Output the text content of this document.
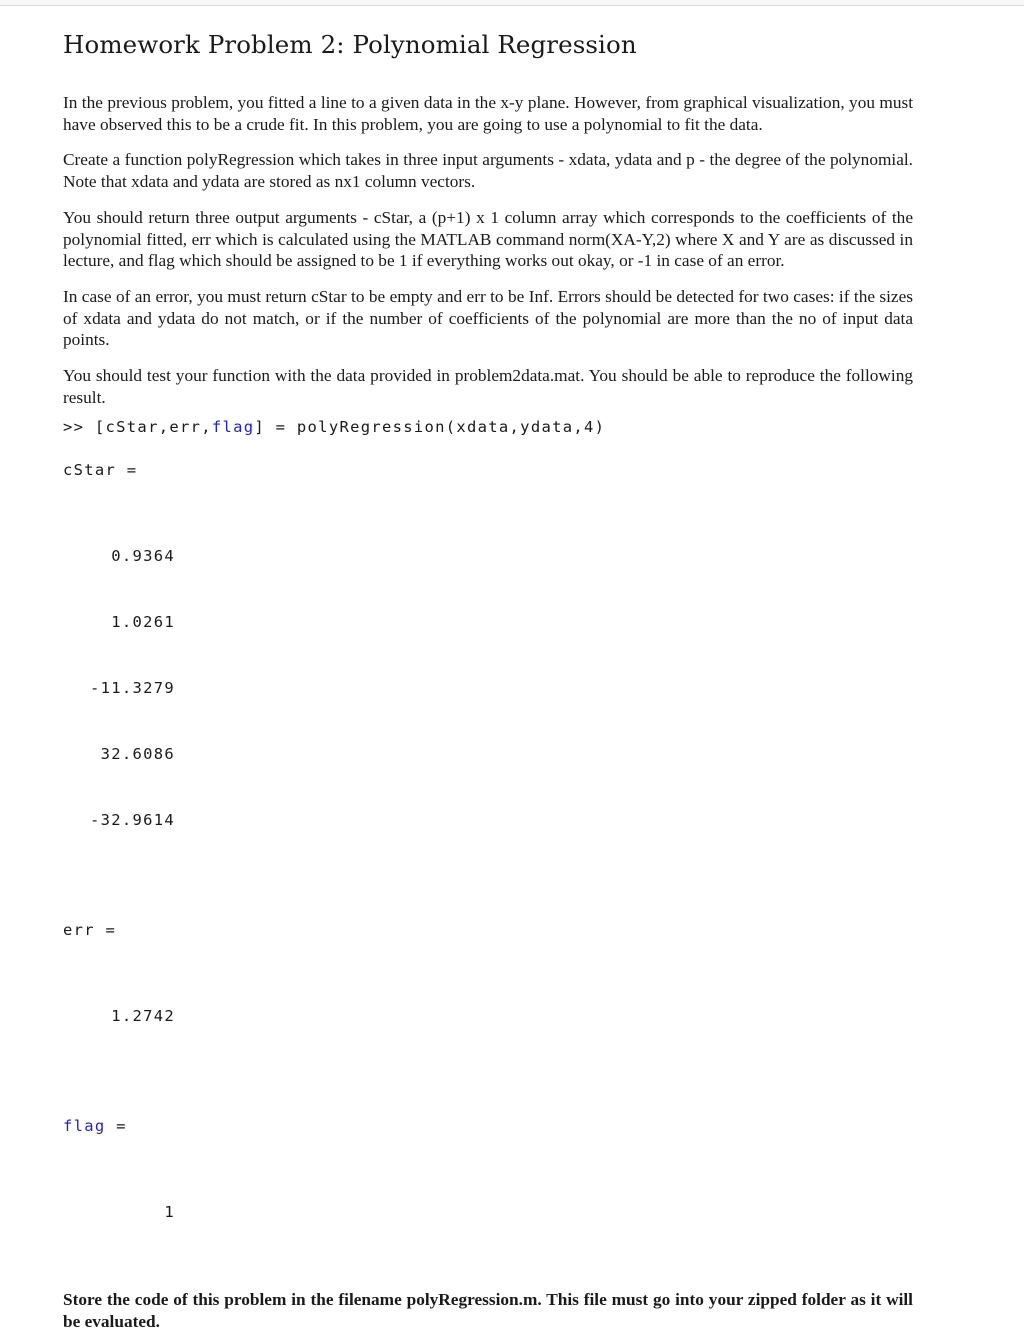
Homework Problem 2: Polynomial Regression

In the previous problem, you fitted a line to a given data in the x-y plane. However, from graphical visualization, you must have observed this to be a crude fit. In this problem, you are going to use a polynomial to fit the data.

Create a function polyRegression which takes in three input arguments - xdata, ydata and p - the degree of the polynomial. Note that xdata and ydata are stored as nx1 column vectors.

You should return three output arguments - cStar, a (p+1) x 1 column array which corresponds to the coefficients of the polynomial fitted, err which is calculated using the MATLAB command norm(XA-Y,2) where X and Y are as discussed in lecture, and flag which should be assigned to be 1 if everything works out okay, or -1 in case of an error.

In case of an error, you must return cStar to be empty and err to be Inf. Errors should be detected for two cases: if the sizes of xdata and ydata do not match, or if the number of coefficients of the polynomial are more than the no of input data points.

You should test your function with the data provided in problem2data.mat. You should be able to reproduce the following result.

>> [cStar,err,flag] = polyRegression(xdata,ydata,4)
cStar =

0.9364

1.0261

-11.3279

32.6086

-32.9614

err =

1.2742

flag =

1

Store the code of this problem in the filename polyRegression.m. This file must go into your zipped folder as it will be evaluated.
